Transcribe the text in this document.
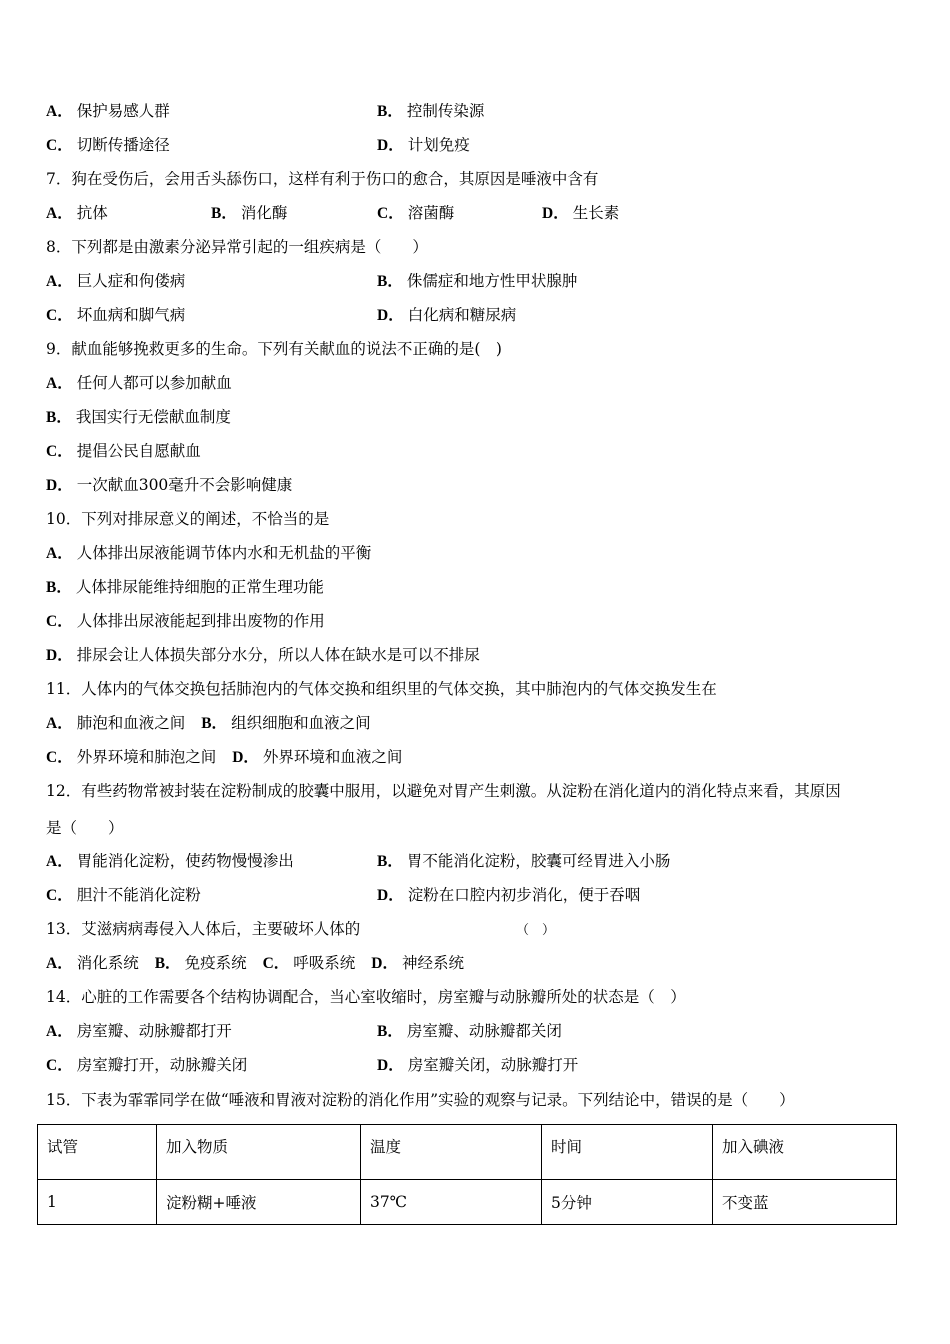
A． 保护易感人群	B． 控制传染源
C． 切断传播途径	D． 计划免疫
7．狗在受伤后，会用舌头舔伤口，这样有利于伤口的愈合，其原因是唾液中含有
A． 抗体	B． 消化酶	C． 溶菌酶	D． 生长素
8．下列都是由激素分泌异常引起的一组疾病是（　　）
A． 巨人症和佝偻病	B． 侏儒症和地方性甲状腺肿
C． 坏血病和脚气病	D． 白化病和糖尿病
9．献血能够挽救更多的生命。下列有关献血的说法不正确的是(　)
A． 任何人都可以参加献血
B． 我国实行无偿献血制度
C． 提倡公民自愿献血
D． 一次献血300毫升不会影响健康
10．下列对排尿意义的阐述，不恰当的是
A． 人体排出尿液能调节体内水和无机盐的平衡
B． 人体排尿能维持细胞的正常生理功能
C． 人体排出尿液能起到排出废物的作用
D． 排尿会让人体损失部分水分，所以人体在缺水是可以不排尿
11．人体内的气体交换包括肺泡内的气体交换和组织里的气体交换，其中肺泡内的气体交换发生在
A． 肺泡和血液之间 B． 组织细胞和血液之间
C． 外界环境和肺泡之间 D． 外界环境和血液之间
12．有些药物常被封装在淀粉制成的胶囊中服用，以避免对胃产生刺激。从淀粉在消化道内的消化特点来看，其原因
是（　　）
A． 胃能消化淀粉，使药物慢慢渗出	B． 胃不能消化淀粉，胶囊可经胃进入小肠
C． 胆汁不能消化淀粉	D． 淀粉在口腔内初步消化，便于吞咽
13．艾滋病病毒侵入人体后，主要破坏人体的	（　）
A． 消化系统 B． 免疫系统 C． 呼吸系统 D． 神经系统
14．心脏的工作需要各个结构协调配合，当心室收缩时，房室瓣与动脉瓣所处的状态是（　）
A． 房室瓣、动脉瓣都打开	B． 房室瓣、动脉瓣都关闭
C． 房室瓣打开，动脉瓣关闭	D． 房室瓣关闭，动脉瓣打开
15．下表为霏霏同学在做“唾液和胃液对淀粉的消化作用”实验的观察与记录。下列结论中，错误的是（　　）
试管	加入物质	温度	时间	加入碘液
1	淀粉糊+唾液	37℃	5分钟	不变蓝
